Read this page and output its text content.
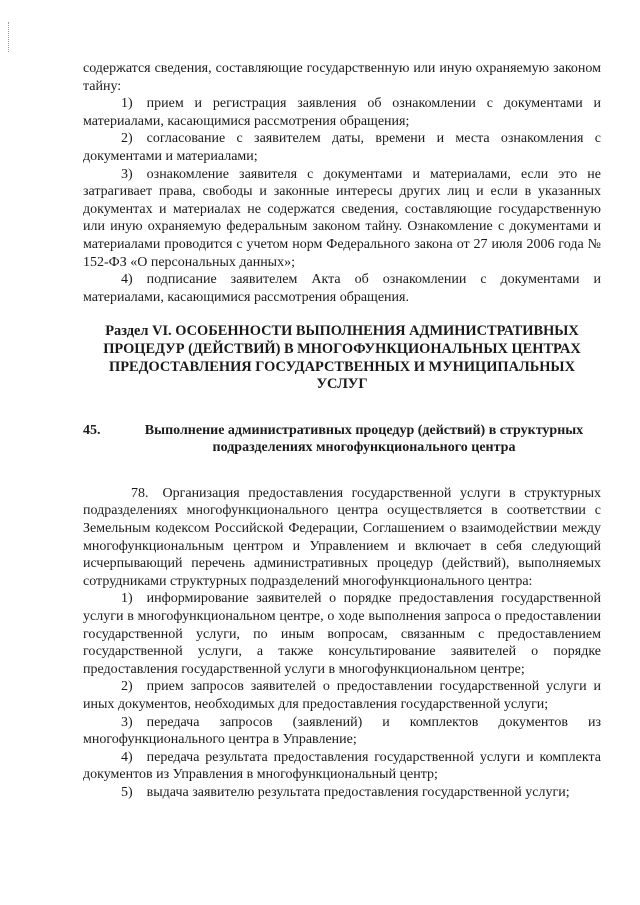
содержатся сведения, составляющие государственную или иную охраняемую законом тайну:

1) прием и регистрация заявления об ознакомлении с документами и материалами, касающимися рассмотрения обращения;

2) согласование с заявителем даты, времени и места ознакомления с документами и материалами;

3) ознакомление заявителя с документами и материалами, если это не затрагивает права, свободы и законные интересы других лиц и если в указанных документах и материалах не содержатся сведения, составляющие государственную или иную охраняемую федеральным законом тайну. Ознакомление с документами и материалами проводится с учетом норм Федерального закона от 27 июля 2006 года № 152-ФЗ «О персональных данных»;

4) подписание заявителем Акта об ознакомлении с документами и материалами, касающимися рассмотрения обращения.

Раздел VI. ОСОБЕННОСТИ ВЫПОЛНЕНИЯ АДМИНИСТРАТИВНЫХ ПРОЦЕДУР (ДЕЙСТВИЙ) В МНОГОФУНКЦИОНАЛЬНЫХ ЦЕНТРАХ ПРЕДОСТАВЛЕНИЯ ГОСУДАРСТВЕННЫХ И МУНИЦИПАЛЬНЫХ УСЛУГ
45.	Выполнение административных процедур (действий) в структурных подразделениях многофункционального центра

78. Организация предоставления государственной услуги в структурных подразделениях многофункционального центра осуществляется в соответствии с Земельным кодексом Российской Федерации, Соглашением о взаимодействии между многофункциональным центром и Управлением и включает в себя следующий исчерпывающий перечень административных процедур (действий), выполняемых сотрудниками структурных подразделений многофункционального центра:

1) информирование заявителей о порядке предоставления государственной услуги в многофункциональном центре, о ходе выполнения запроса о предоставлении государственной услуги, по иным вопросам, связанным с предоставлением государственной услуги, а также консультирование заявителей о порядке предоставления государственной услуги в многофункциональном центре;

2) прием запросов заявителей о предоставлении государственной услуги и иных документов, необходимых для предоставления государственной услуги;

3) передача запросов (заявлений) и комплектов документов из многофункционального центра в Управление;

4) передача результата предоставления государственной услуги и комплекта документов из Управления в многофункциональный центр;

5) выдача заявителю результата предоставления государственной услуги;
